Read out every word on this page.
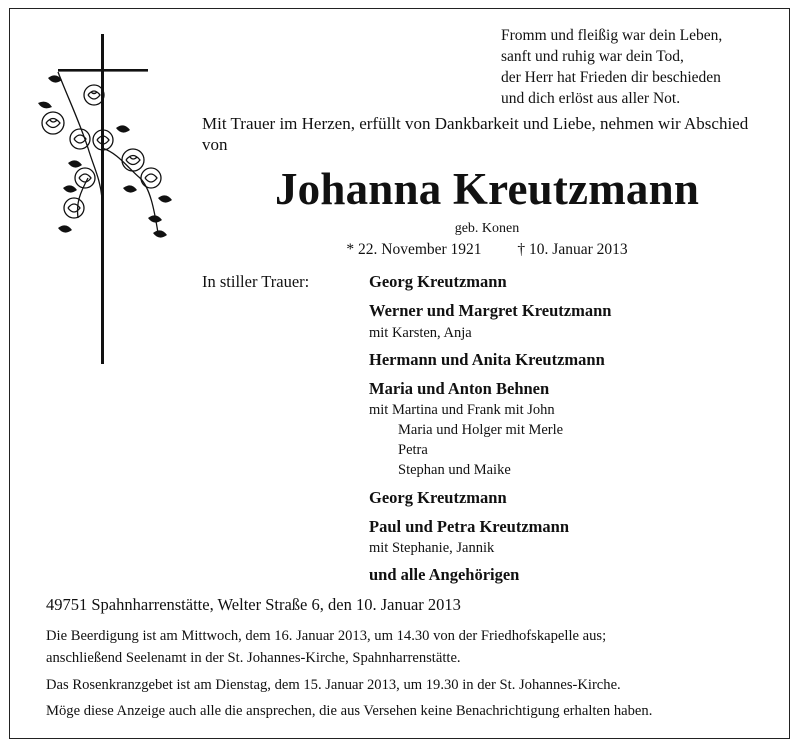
Fromm und fleißig war dein Leben,
sanft und ruhig war dein Tod,
der Herr hat Frieden dir beschieden
und dich erlöst aus aller Not.
Mit Trauer im Herzen, erfüllt von Dankbarkeit und Liebe, nehmen wir Abschied von
Johanna Kreutzmann
geb. Konen
* 22. November 1921 † 10. Januar 2013
In stiller Trauer:	Georg Kreutzmann
Werner und Margret Kreutzmann
mit Karsten, Anja
Hermann und Anita Kreutzmann
Maria und Anton Behnen
mit Martina und Frank mit John
Maria und Holger mit Merle
Petra
Stephan und Maike
Georg Kreutzmann
Paul und Petra Kreutzmann
mit Stephanie, Jannik
und alle Angehörigen
49751 Spahnharrenstätte, Welter Straße 6, den 10. Januar 2013
Die Beerdigung ist am Mittwoch, dem 16. Januar 2013, um 14.30 von der Friedhofskapelle aus;
anschließend Seelenamt in der St. Johannes-Kirche, Spahnharrenstätte.
Das Rosenkranzgebet ist am Dienstag, dem 15. Januar 2013, um 19.30 in der St. Johannes-Kirche.
Möge diese Anzeige auch alle die ansprechen, die aus Versehen keine Benachrichtigung erhalten haben.
